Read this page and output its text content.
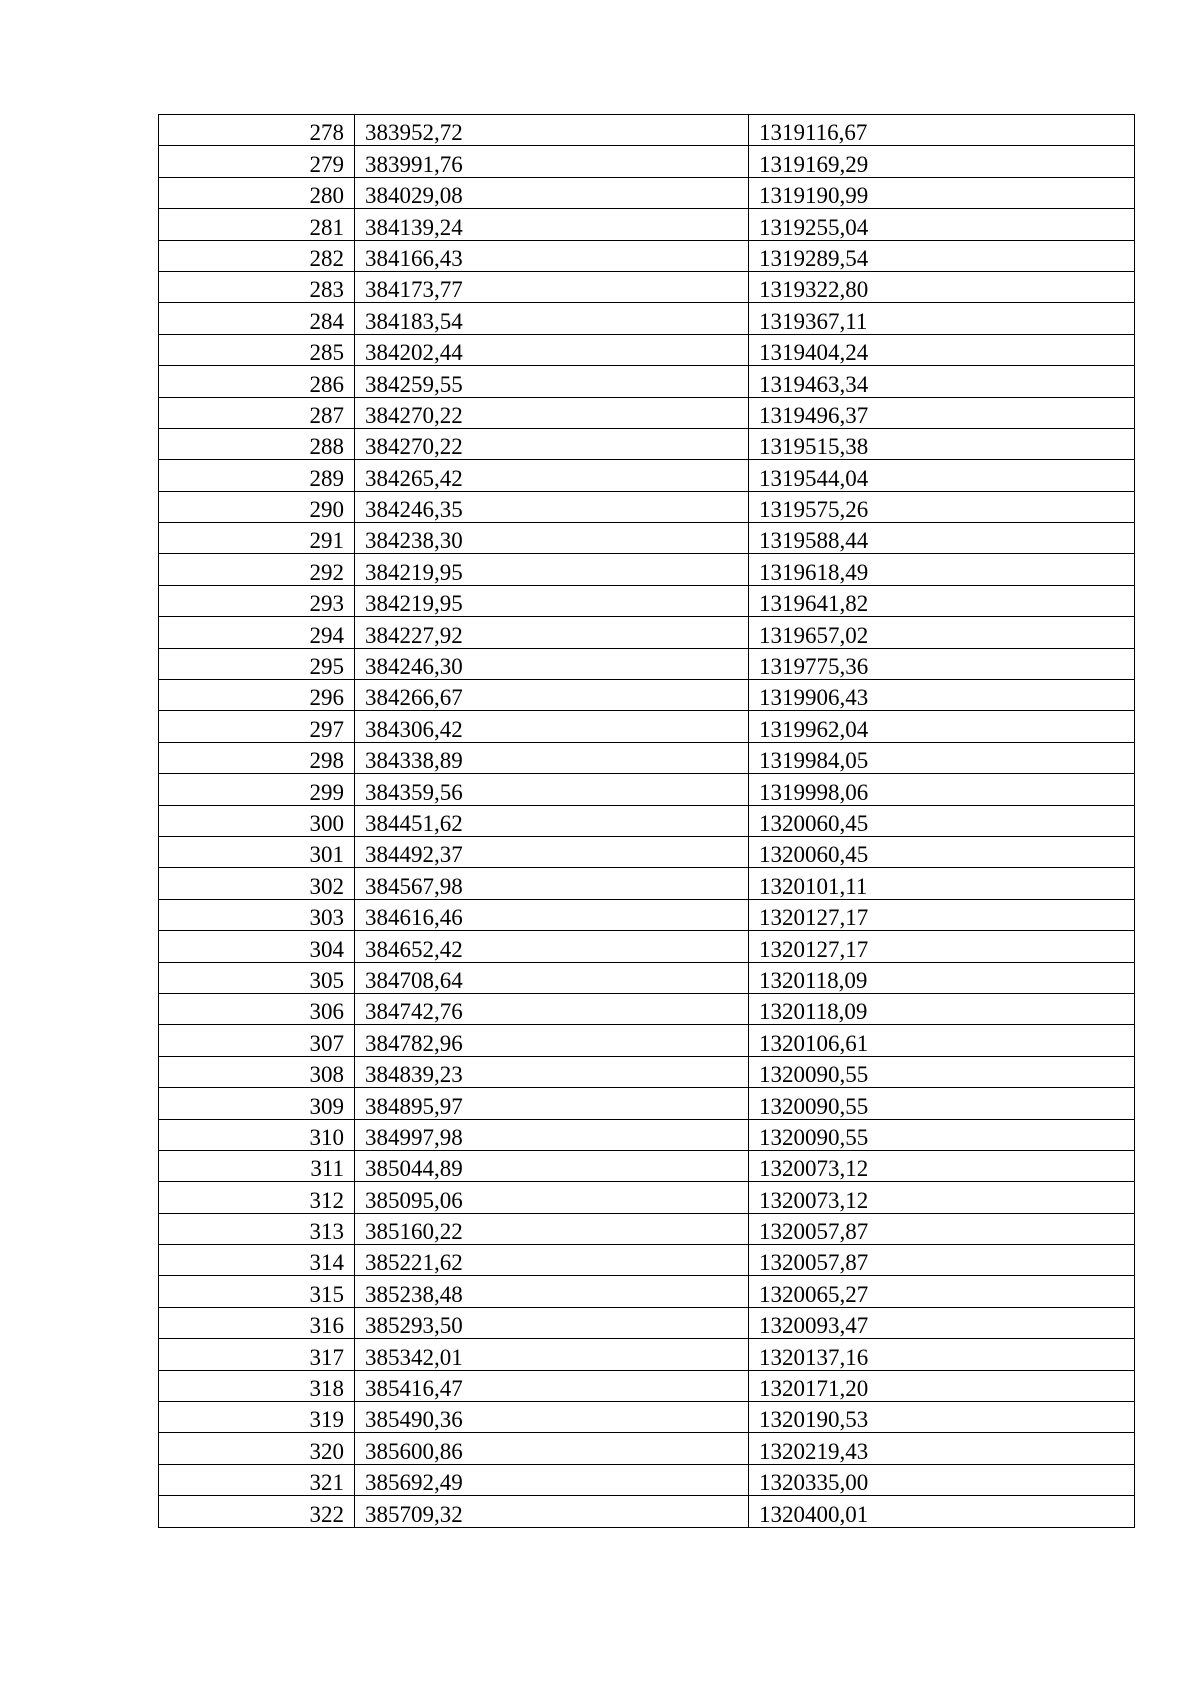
278	383952,72	1319116,67
279	383991,76	1319169,29
280	384029,08	1319190,99
281	384139,24	1319255,04
282	384166,43	1319289,54
283	384173,77	1319322,80
284	384183,54	1319367,11
285	384202,44	1319404,24
286	384259,55	1319463,34
287	384270,22	1319496,37
288	384270,22	1319515,38
289	384265,42	1319544,04
290	384246,35	1319575,26
291	384238,30	1319588,44
292	384219,95	1319618,49
293	384219,95	1319641,82
294	384227,92	1319657,02
295	384246,30	1319775,36
296	384266,67	1319906,43
297	384306,42	1319962,04
298	384338,89	1319984,05
299	384359,56	1319998,06
300	384451,62	1320060,45
301	384492,37	1320060,45
302	384567,98	1320101,11
303	384616,46	1320127,17
304	384652,42	1320127,17
305	384708,64	1320118,09
306	384742,76	1320118,09
307	384782,96	1320106,61
308	384839,23	1320090,55
309	384895,97	1320090,55
310	384997,98	1320090,55
311	385044,89	1320073,12
312	385095,06	1320073,12
313	385160,22	1320057,87
314	385221,62	1320057,87
315	385238,48	1320065,27
316	385293,50	1320093,47
317	385342,01	1320137,16
318	385416,47	1320171,20
319	385490,36	1320190,53
320	385600,86	1320219,43
321	385692,49	1320335,00
322	385709,32	1320400,01
